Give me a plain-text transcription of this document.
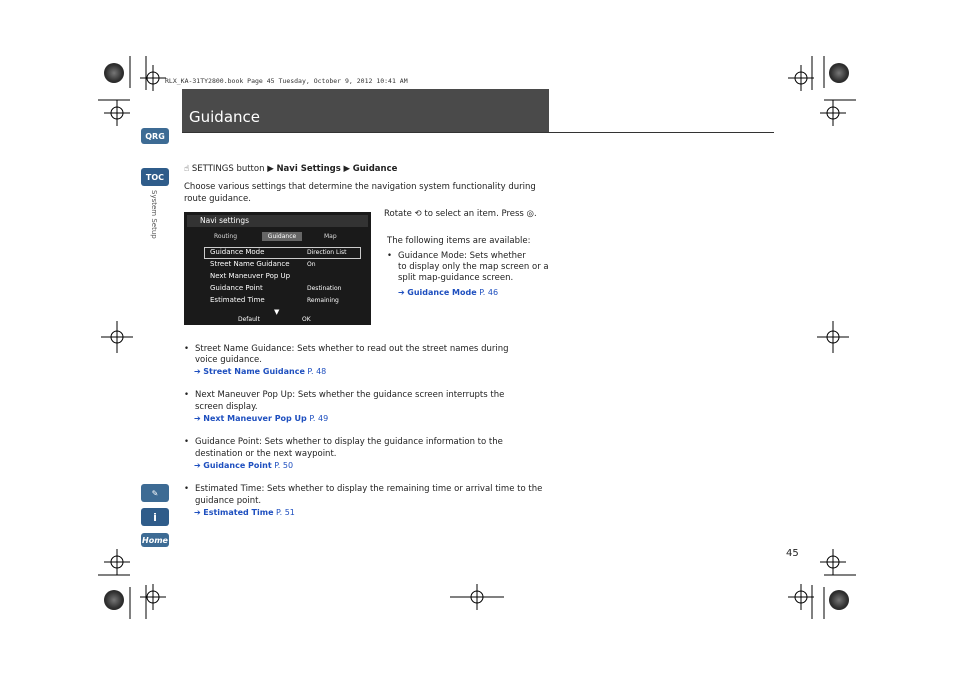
RLX_KA-31TY2800.book Page 45 Tuesday, October 9, 2012 10:41 AM
Guidance
QRG
TOC
System Setup
☝ SETTINGS button ▶ Navi Settings ▶ Guidance
Choose various settings that determine the navigation system functionality during route guidance.
Navi settings
Routing	Guidance	Map
Guidance Mode	Direction List
Street Name Guidance	On
Next Maneuver Pop Up
Guidance Point	Destination
Estimated Time	Remaining
▼
Default	OK
Rotate ⟲ to select an item. Press ◎.
The following items are available:
• Guidance Mode: Sets whether
to display only the map screen or a
split map-guidance screen.
➔ Guidance Mode P. 46
• Street Name Guidance: Sets whether to read out the street names during
voice guidance.
➔ Street Name Guidance P. 48
• Next Maneuver Pop Up: Sets whether the guidance screen interrupts the
screen display.
➔ Next Maneuver Pop Up P. 49
• Guidance Point: Sets whether to display the guidance information to the
destination or the next waypoint.
➔ Guidance Point P. 50
• Estimated Time: Sets whether to display the remaining time or arrival time to the
guidance point.
➔ Estimated Time P. 51
✎
i
Home
45
